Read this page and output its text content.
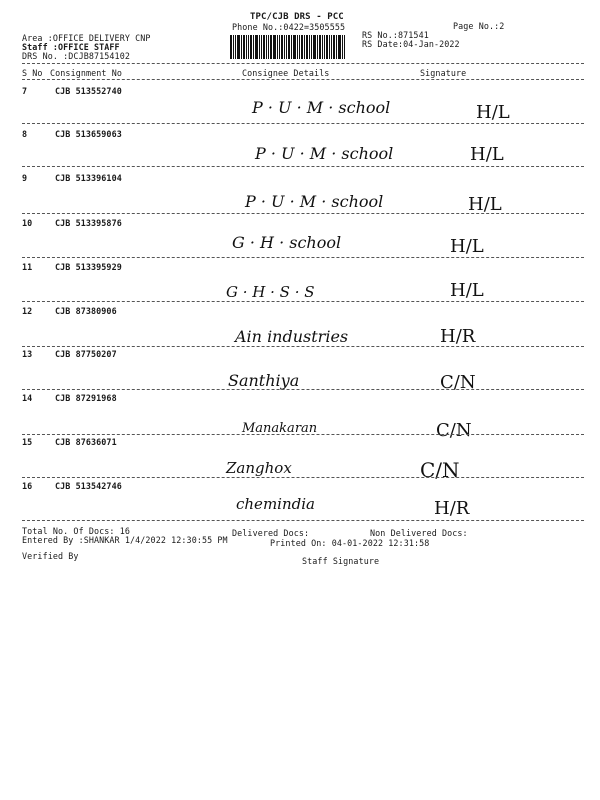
TPC/CJB DRS - PCC
Phone No.:0422=3505555	Page No.:2
Area :OFFICE DELIVERY CNP
Staff :OFFICE STAFF
DRS No. :DCJB87154102
RS No.:871541
RS Date:04-Jan-2022
S No Consignment No	Consignee Details	Signature
7	CJB 513552740
P · U · M · school	H/L
8	CJB 513659063
P · U · M · school	H/L
9	CJB 513396104
P · U · M · school	H/L
10	CJB 513395876
G · H · school	H/L
11	CJB 513395929
G · H · S · S	H/L
12	CJB 87380906
Ain industries	H/R
13	CJB 87750207
Santhiya	C/N
14	CJB 87291968
Manakaran	C/N
15	CJB 87636071
Zanghox	C/N
16	CJB 513542746
chemindia	H/R
Total No. Of Docs: 16	Delivered Docs:	Non Delivered Docs:
Entered By :SHANKAR 1/4/2022 12:30:55 PM	Printed On: 04-01-2022 12:31:58
Verified By	Staff Signature
